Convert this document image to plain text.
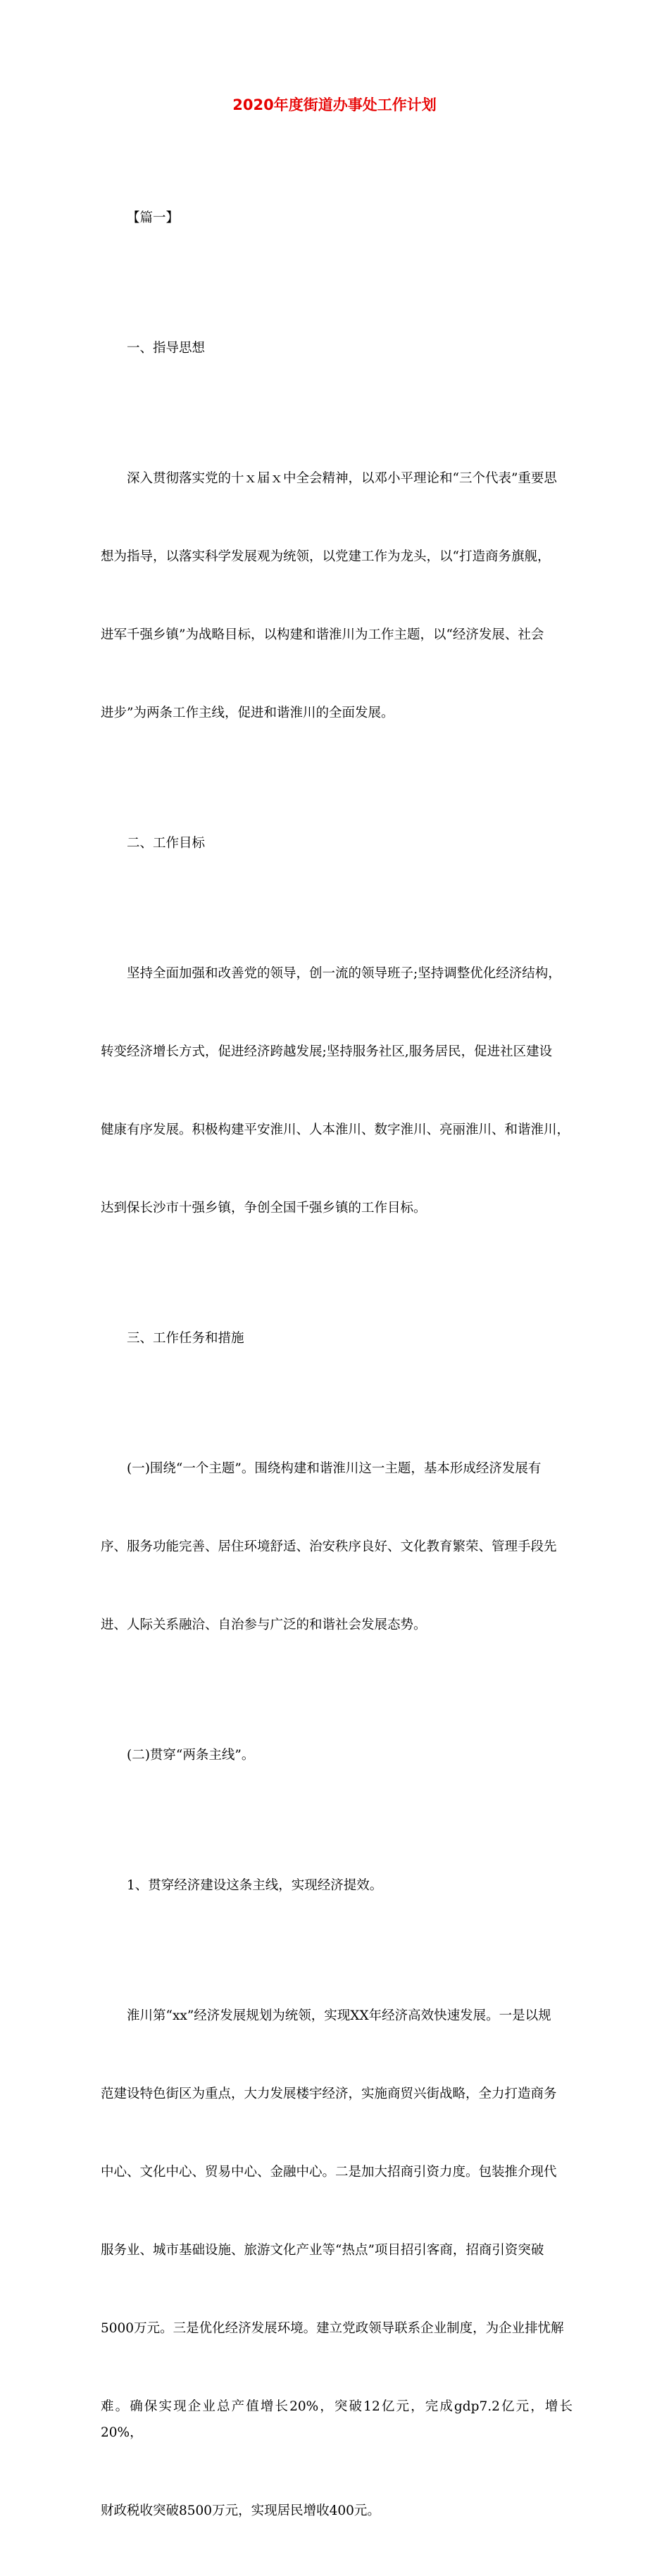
2020年度街道办事处工作计划

【篇一】

一、指导思想

深入贯彻落实党的十ｘ届ｘ中全会精神，以邓小平理论和“三个代表”重要思

想为指导，以落实科学发展观为统领，以党建工作为龙头，以“打造商务旗舰，

进军千强乡镇”为战略目标，以构建和谐淮川为工作主题，以“经济发展、社会

进步”为两条工作主线，促进和谐淮川的全面发展。

二、工作目标

坚持全面加强和改善党的领导，创一流的领导班子;坚持调整优化经济结构，

转变经济增长方式，促进经济跨越发展;坚持服务社区,服务居民，促进社区建设

健康有序发展。积极构建平安淮川、人本淮川、数字淮川、亮丽淮川、和谐淮川，

达到保长沙市十强乡镇，争创全国千强乡镇的工作目标。

三、工作任务和措施

(一)围绕“一个主题”。围绕构建和谐淮川这一主题，基本形成经济发展有

序、服务功能完善、居住环境舒适、治安秩序良好、文化教育繁荣、管理手段先

进、人际关系融洽、自治参与广泛的和谐社会发展态势。

(二)贯穿“两条主线”。

1、贯穿经济建设这条主线，实现经济提效。

淮川第“xx”经济发展规划为统领，实现XX年经济高效快速发展。一是以规

范建设特色街区为重点，大力发展楼宇经济，实施商贸兴街战略，全力打造商务

中心、文化中心、贸易中心、金融中心。二是加大招商引资力度。包装推介现代

服务业、城市基础设施、旅游文化产业等“热点”项目招引客商，招商引资突破

5000万元。三是优化经济发展环境。建立党政领导联系企业制度，为企业排忧解

难。确保实现企业总产值增长20%，突破12亿元，完成gdp7.2亿元，增长20%，

财政税收突破8500万元，实现居民增收400元。
